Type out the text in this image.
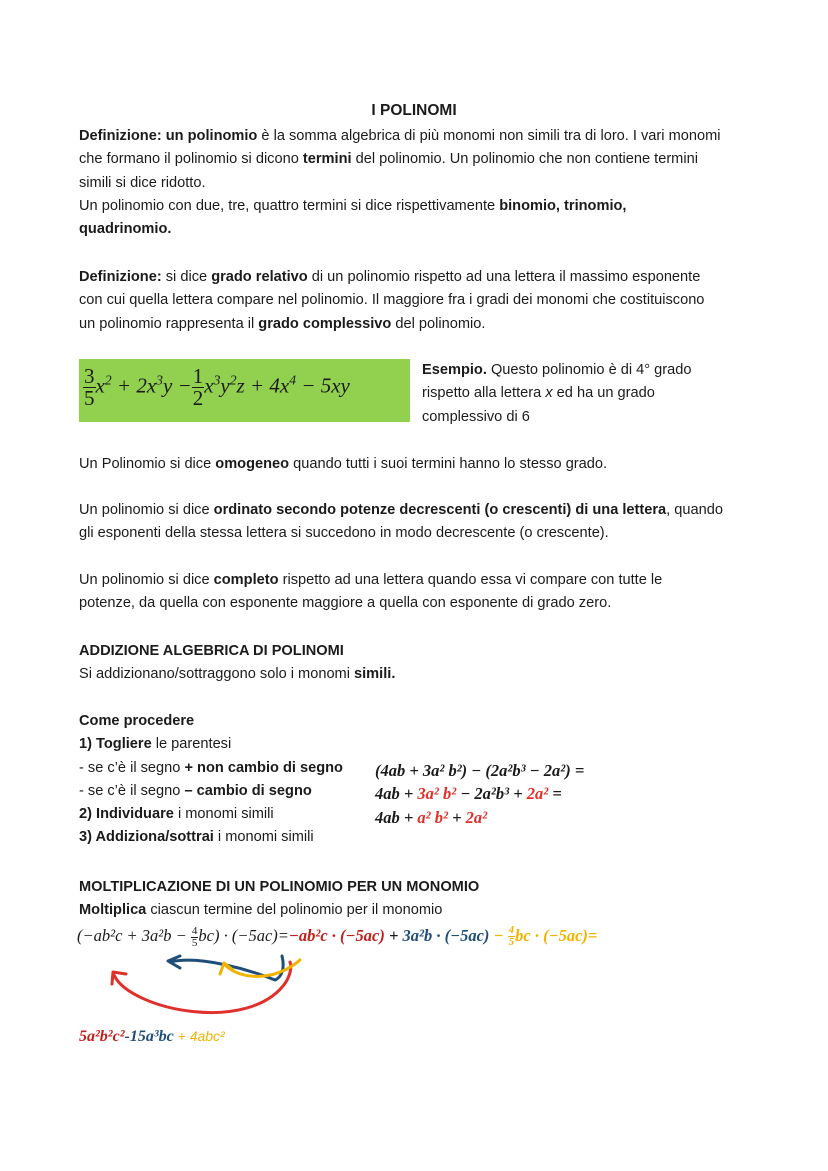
I POLINOMI
Definizione: un polinomio è la somma algebrica di più monomi non simili tra di loro. I vari monomi
che formano il polinomio si dicono termini del polinomio. Un polinomio che non contiene termini
simili si dice ridotto.
Un polinomio con due, tre, quattro termini si dice rispettivamente binomio, trinomio,
quadrinomio.
Definizione: si dice grado relativo di un polinomio rispetto ad una lettera il massimo esponente
con cui quella lettera compare nel polinomio. Il maggiore fra i gradi dei monomi che costituiscono
un polinomio rappresenta il grado complessivo del polinomio.
$\frac{3}{5} x^2 + 2x^3y - \frac{1}{2} x^3y^2z + 4x^4 - 5xy$
Esempio. Questo polinomio è di 4° grado
rispetto alla lettera x ed ha un grado
complessivo di 6
Un Polinomio si dice omogeneo quando tutti i suoi termini hanno lo stesso grado.
Un polinomio si dice ordinato secondo potenze decrescenti (o crescenti) di una lettera, quando
gli esponenti della stessa lettera si succedono in modo decrescente (o crescente).
Un polinomio si dice completo rispetto ad una lettera quando essa vi compare con tutte le
potenze, da quella con esponente maggiore a quella con esponente di grado zero.
ADDIZIONE ALGEBRICA DI POLINOMI
Si addizionano/sottraggono solo i monomi simili.
Come procedere
1) Togliere le parentesi
- se c’è il segno + non cambio di segno
- se c’è il segno – cambio di segno
2) Individuare i monomi simili
3) Addiziona/sottrai i monomi simili
(4ab + 3a² b²) − (2a²b³ − 2a²) =
4ab + 3a² b² − 2a²b³ + 2a² =
4ab + a² b² + 2a²
MOLTIPLICAZIONE DI UN POLINOMIO PER UN MONOMIO
Moltiplica ciascun termine del polinomio per il monomio
$(-ab^2c + 3a^2b - \frac{4}{5} bc) \cdot (-5ac)=-ab^2c \cdot (-5ac) + 3a^2b \cdot (-5ac) - \frac{4}{5}$ bc · (−5ac)=
5a²b²c²-15a³bc + 4abc²
